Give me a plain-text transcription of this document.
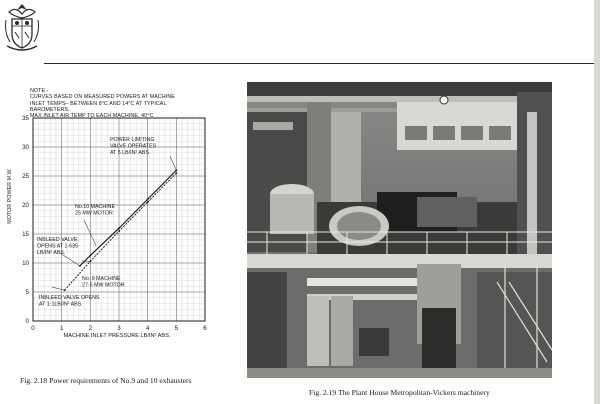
NOTE:-
CURVES BASED ON MEASURED POWERS AT MACHINE
INLET TEMPS– BETWEEN 8°C AND 14°C AT TYPICAL
BAROMETERS.
MAX INLET AIR TEMP TO EACH MACHINE, 40°C
0	1	2	3	4	5	6
0
5
10
15
20
25
30
35
POWER LIMITING
VALVE OPERATES
AT 5 LB/IN² ABS.
No.10 MACHINE
25 MW MOTOR
INBLEED VALVE
OPENS AT 1·635
LB/IN² ABS.
No. 9 MACHINE
27·5 MW MOTOR
INBLEED VALVE OPENS
AT 1·1LB/IN² ABS.
MACHINE INLET PRESSURE LB/IN² ABS.
MOTOR POWER M.W.
Fig. 2.18 Power requirements of No.9 and 10 exhausters
Fig. 2.19 The Plant House Metropolitan-Vickers machinery
